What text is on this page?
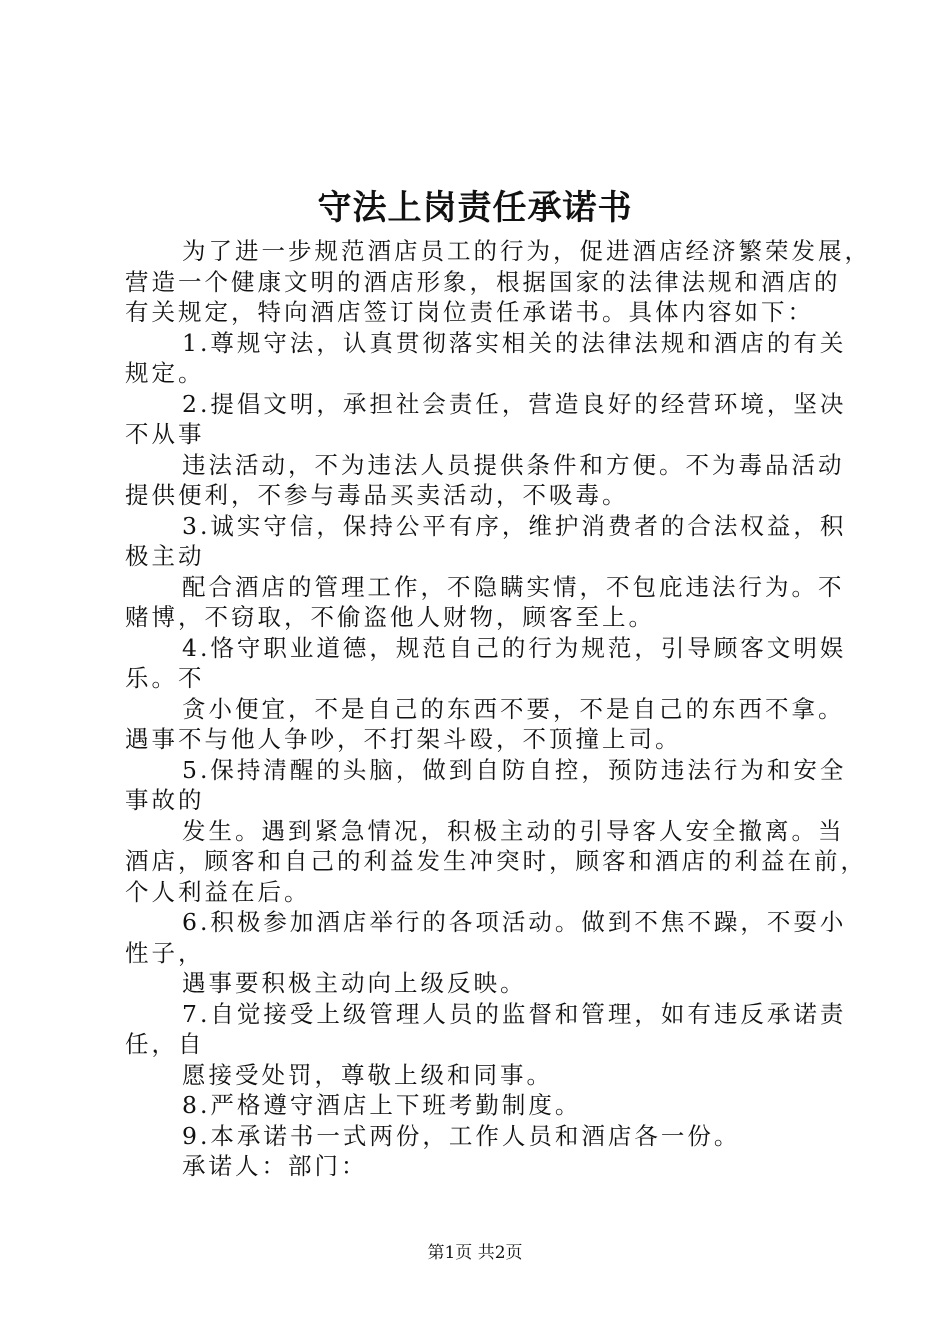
守法上岗责任承诺书
为了进一步规范酒店员工的行为，促进酒店经济繁荣发展，
营造一个健康文明的酒店形象，根据国家的法律法规和酒店的
有关规定，特向酒店签订岗位责任承诺书。具体内容如下：
1.尊规守法，认真贯彻落实相关的法律法规和酒店的有关
规定。
2.提倡文明，承担社会责任，营造良好的经营环境，坚决
不从事
违法活动，不为违法人员提供条件和方便。不为毒品活动
提供便利，不参与毒品买卖活动，不吸毒。
3.诚实守信，保持公平有序，维护消费者的合法权益，积
极主动
配合酒店的管理工作，不隐瞒实情，不包庇违法行为。不
赌博，不窃取，不偷盗他人财物，顾客至上。
4.恪守职业道德，规范自己的行为规范，引导顾客文明娱
乐。不
贪小便宜，不是自己的东西不要，不是自己的东西不拿。
遇事不与他人争吵，不打架斗殴，不顶撞上司。
5.保持清醒的头脑，做到自防自控，预防违法行为和安全
事故的
发生。遇到紧急情况，积极主动的引导客人安全撤离。当
酒店，顾客和自己的利益发生冲突时，顾客和酒店的利益在前，
个人利益在后。
6.积极参加酒店举行的各项活动。做到不焦不躁，不耍小
性子，
遇事要积极主动向上级反映。
7.自觉接受上级管理人员的监督和管理，如有违反承诺责
任，自
愿接受处罚，尊敬上级和同事。
8.严格遵守酒店上下班考勤制度。
9.本承诺书一式两份，工作人员和酒店各一份。
承诺人：部门：
第1页 共2页
